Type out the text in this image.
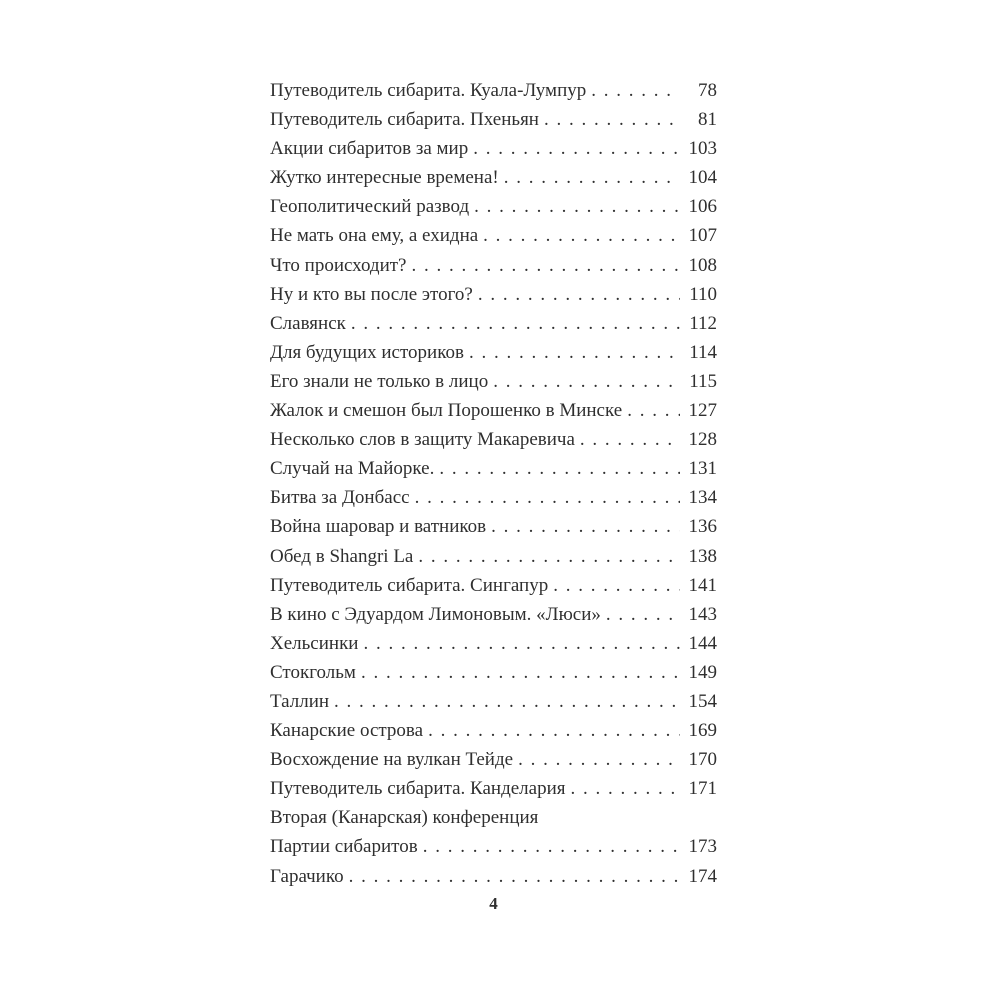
Путеводитель сибарита. Куала-Лумпур . . .	78
Путеводитель сибарита. Пхеньян . . .	81
Акции сибаритов за мир . . .	103
Жутко интересные времена! . . .	104
Геополитический развод . . .	106
Не мать она ему, а ехидна . . .	107
Что происходит? . . .	108
Ну и кто вы после этого? . . .	110
Славянск . . .	112
Для будущих историков . . .	114
Его знали не только в лицо . . .	115
Жалок и смешон был Порошенко в Минске . . .	127
Несколько слов в защиту Макаревича . . .	128
Случай на Майорке. . . .	131
Битва за Донбасс . . .	134
Война шаровар и ватников . . .	136
Обед в Shangri La . . .	138
Путеводитель сибарита. Сингапур . . .	141
В кино с Эдуардом Лимоновым. «Люси» . . .	143
Хельсинки . . .	144
Стокгольм . . .	149
Таллин . . .	154
Канарские острова . . .	169
Восхождение на вулкан Тейде . . .	170
Путеводитель сибарита. Канделария . . .	171
Вторая (Канарская) конференция
Партии сибаритов . . .	173
Гарачико . . .	174
4
